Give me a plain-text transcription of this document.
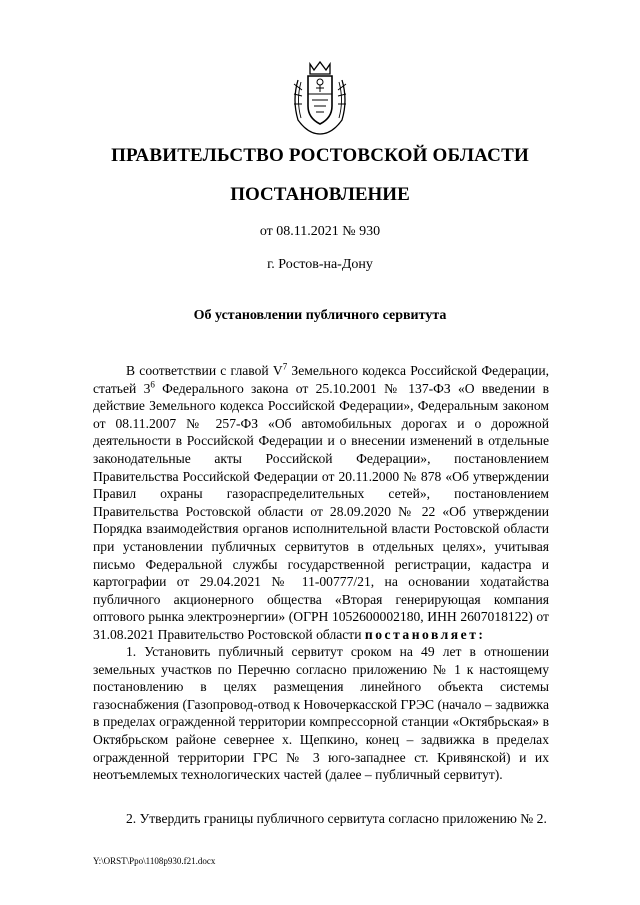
ПРАВИТЕЛЬСТВО РОСТОВСКОЙ ОБЛАСТИ
ПОСТАНОВЛЕНИЕ

от 08.11.2021 № 930

г. Ростов-на-Дону

Об установлении публичного сервитута

В соответствии с главой $V^7$ Земельного кодекса Российской Федерации, статьей $3^6$ Федерального закона от 25.10.2001 № 137-ФЗ «О введении в действие Земельного кодекса Российской Федерации», Федеральным законом от 08.11.2007 № 257-ФЗ «Об автомобильных дорогах и о дорожной деятельности в Российской Федерации и о внесении изменений в отдельные законодательные акты Российской Федерации», постановлением Правительства Российской Федерации от 20.11.2000 № 878 «Об утверждении Правил охраны газораспределительных сетей», постановлением Правительства Ростовской области от 28.09.2020 № 22 «Об утверждении Порядка взаимодействия органов исполнительной власти Ростовской области при установлении публичных сервитутов в отдельных целях», учитывая письмо Федеральной службы государственной регистрации, кадастра и картографии от 29.04.2021 № 11-00777/21, на основании ходатайства публичного акционерного общества «Вторая генерирующая компания оптового рынка электроэнергии» (ОГРН 1052600002180, ИНН 2607018122) от 31.08.2021 Правительство Ростовской области постановляет:

1. Установить публичный сервитут сроком на 49 лет в отношении земельных участков по Перечню согласно приложению № 1 к настоящему постановлению в целях размещения линейного объекта системы газоснабжения (Газопровод-отвод к Новочеркасской ГРЭС (начало – задвижка в пределах огражденной территории компрессорной станции «Октябрьская» в Октябрьском районе севернее х. Щепкино, конец – задвижка в пределах огражденной территории ГРС № 3 юго-западнее ст. Кривянской) и их неотъемлемых технологических частей (далее – публичный сервитут).

2. Утвердить границы публичного сервитута согласно приложению № 2.

Y:\ORST\Ppo\1108p930.f21.docx
